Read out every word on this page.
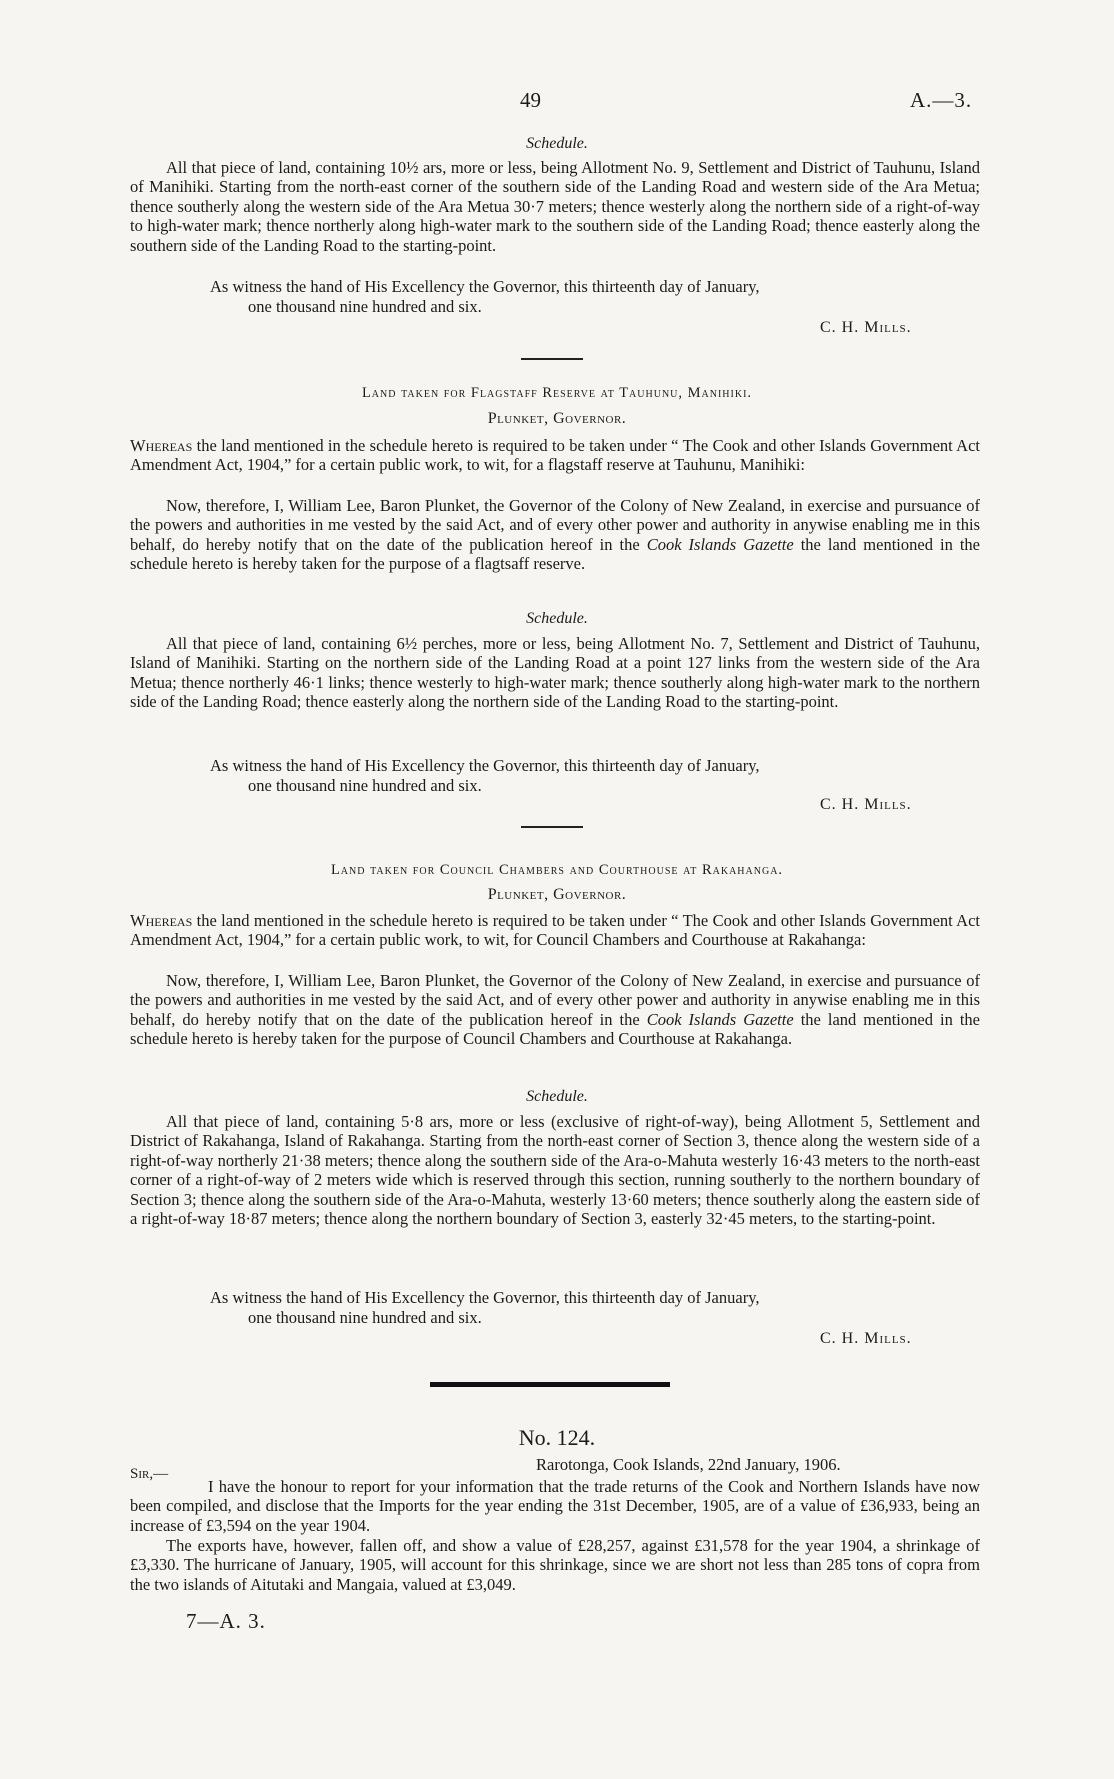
49	A.—3.
Schedule.
All that piece of land, containing 10½ ars, more or less, being Allotment No. 9, Settlement and District of Tauhunu, Island of Manihiki. Starting from the north-east corner of the southern side of the Landing Road and western side of the Ara Metua; thence southerly along the western side of the Ara Metua 30·7 meters; thence westerly along the northern side of a right-of-way to high-water mark; thence northerly along high-water mark to the southern side of the Landing Road; thence easterly along the southern side of the Landing Road to the starting-point.
As witness the hand of His Excellency the Governor, this thirteenth day of January,
one thousand nine hundred and six.
C. H. Mills.
Land taken for Flagstaff Reserve at Tauhunu, Manihiki.
Plunket, Governor.
Whereas the land mentioned in the schedule hereto is required to be taken under “ The Cook and other Islands Government Act Amendment Act, 1904,” for a certain public work, to wit, for a flagstaff reserve at Tauhunu, Manihiki:
Now, therefore, I, William Lee, Baron Plunket, the Governor of the Colony of New Zealand, in exercise and pursuance of the powers and authorities in me vested by the said Act, and of every other power and authority in anywise enabling me in this behalf, do hereby notify that on the date of the publication hereof in the Cook Islands Gazette the land mentioned in the schedule hereto is hereby taken for the purpose of a flagtsaff reserve.
Schedule.
All that piece of land, containing 6½ perches, more or less, being Allotment No. 7, Settlement and District of Tauhunu, Island of Manihiki. Starting on the northern side of the Landing Road at a point 127 links from the western side of the Ara Metua; thence northerly 46·1 links; thence westerly to high-water mark; thence southerly along high-water mark to the northern side of the Landing Road; thence easterly along the northern side of the Landing Road to the starting-point.
As witness the hand of His Excellency the Governor, this thirteenth day of January,
one thousand nine hundred and six.
C. H. Mills.
Land taken for Council Chambers and Courthouse at Rakahanga.
Plunket, Governor.
Whereas the land mentioned in the schedule hereto is required to be taken under “ The Cook and other Islands Government Act Amendment Act, 1904,” for a certain public work, to wit, for Council Chambers and Courthouse at Rakahanga:
Now, therefore, I, William Lee, Baron Plunket, the Governor of the Colony of New Zealand, in exercise and pursuance of the powers and authorities in me vested by the said Act, and of every other power and authority in anywise enabling me in this behalf, do hereby notify that on the date of the publication hereof in the Cook Islands Gazette the land mentioned in the schedule hereto is hereby taken for the purpose of Council Chambers and Courthouse at Rakahanga.
Schedule.
All that piece of land, containing 5·8 ars, more or less (exclusive of right-of-way), being Allotment 5, Settlement and District of Rakahanga, Island of Rakahanga. Starting from the north-east corner of Section 3, thence along the western side of a right-of-way northerly 21·38 meters; thence along the southern side of the Ara-o-Mahuta westerly 16·43 meters to the north-east corner of a right-of-way of 2 meters wide which is reserved through this section, running southerly to the northern boundary of Section 3; thence along the southern side of the Ara-o-Mahuta, westerly 13·60 meters; thence southerly along the eastern side of a right-of-way 18·87 meters; thence along the northern boundary of Section 3, easterly 32·45 meters, to the starting-point.
As witness the hand of His Excellency the Governor, this thirteenth day of January,
one thousand nine hundred and six.
C. H. Mills.
No. 124.
Rarotonga, Cook Islands, 22nd January, 1906.
Sir,—
I have the honour to report for your information that the trade returns of the Cook and Northern Islands have now been compiled, and disclose that the Imports for the year ending the 31st December, 1905, are of a value of £36,933, being an increase of £3,594 on the year 1904.
The exports have, however, fallen off, and show a value of £28,257, against £31,578 for the year 1904, a shrinkage of £3,330. The hurricane of January, 1905, will account for this shrinkage, since we are short not less than 285 tons of copra from the two islands of Aitutaki and Mangaia, valued at £3,049.
7—A. 3.
